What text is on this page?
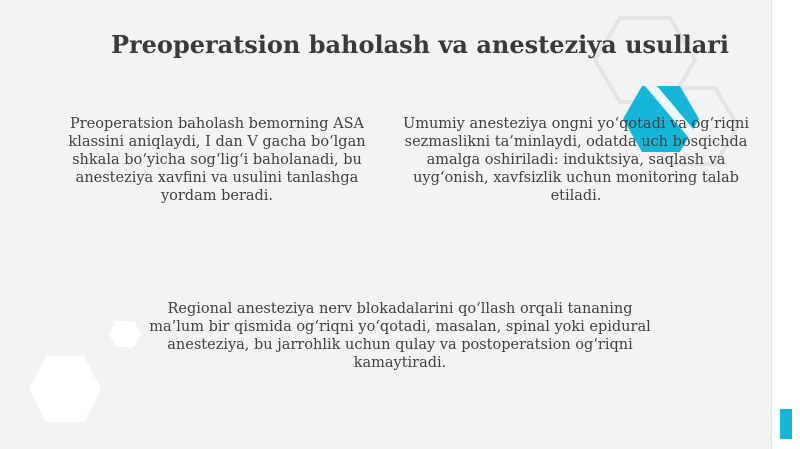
Preoperatsion baholash va anesteziya usullari

Preoperatsion baholash bemorning ASA klassini aniqlaydi, I dan V gacha bo‘lgan shkala bo‘yicha sog‘lig‘i baholanadi, bu anesteziya xavfini va usulini tanlashga yordam beradi.

Umumiy anesteziya ongni yo‘qotadi va og‘riqni sezmaslikni ta’minlaydi, odatda uch bosqichda amalga oshiriladi: induktsiya, saqlash va uyg‘onish, xavfsizlik uchun monitoring talab etiladi.

Regional anesteziya nerv blokadalarini qo‘llash orqali tananing ma’lum bir qismida og‘riqni yo‘qotadi, masalan, spinal yoki epidural anesteziya, bu jarrohlik uchun qulay va postoperatsion og‘riqni kamaytiradi.
